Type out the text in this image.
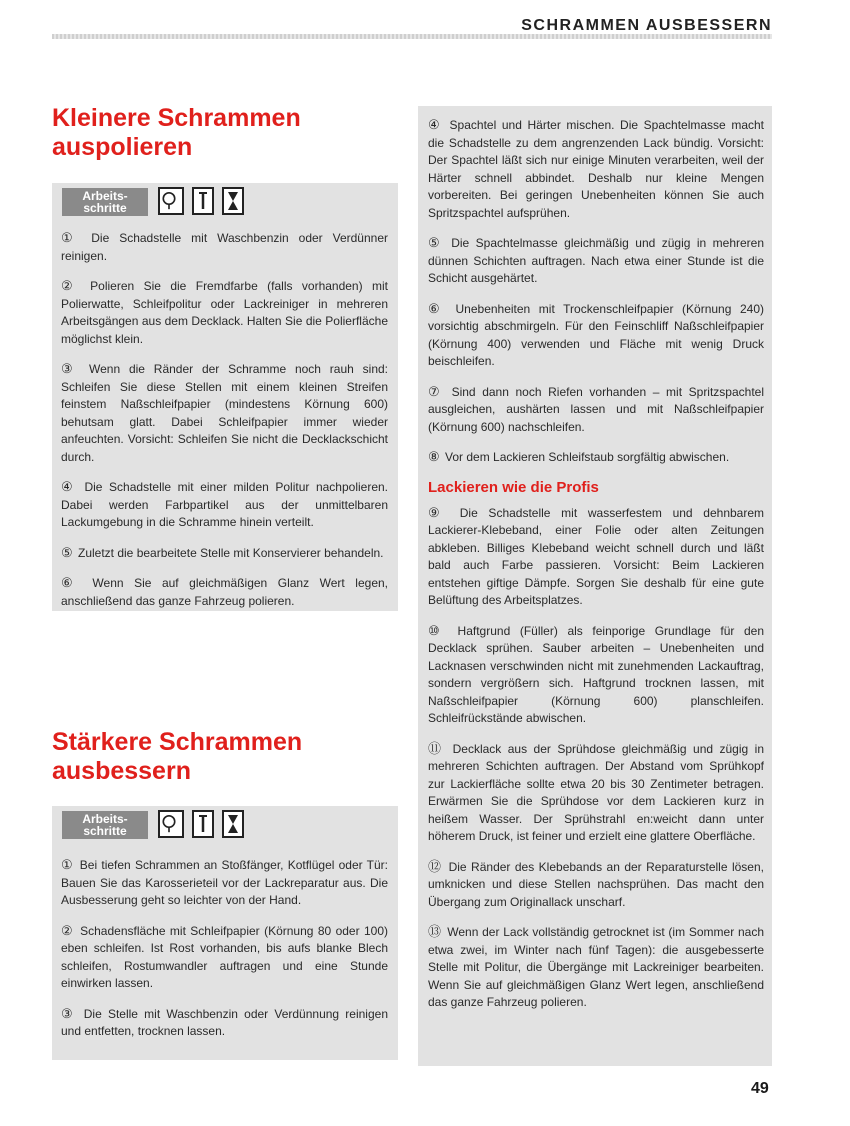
SCHRAMMEN AUSBESSERN
Kleinere Schrammen
auspolieren
Arbeits-
schritte

① Die Schadstelle mit Waschbenzin oder Verdünner reinigen.

② Polieren Sie die Fremdfarbe (falls vorhanden) mit Polierwatte, Schleifpolitur oder Lackreiniger in mehreren Arbeitsgängen aus dem Decklack. Halten Sie die Polierfläche möglichst klein.

③ Wenn die Ränder der Schramme noch rauh sind: Schleifen Sie diese Stellen mit einem kleinen Streifen feinstem Naßschleifpapier (mindestens Körnung 600) behutsam glatt. Dabei Schleifpapier immer wieder anfeuchten. Vorsicht: Schleifen Sie nicht die Decklackschicht durch.

④ Die Schadstelle mit einer milden Politur nachpolieren. Dabei werden Farbpartikel aus der unmittelbaren Lackumgebung in die Schramme hinein verteilt.

⑤ Zuletzt die bearbeitete Stelle mit Konservierer behandeln.

⑥ Wenn Sie auf gleichmäßigen Glanz Wert legen, anschließend das ganze Fahrzeug polieren.

Stärkere Schrammen
ausbessern
Arbeits-
schritte

① Bei tiefen Schrammen an Stoßfänger, Kotflügel oder Tür: Bauen Sie das Karosserieteil vor der Lackreparatur aus. Die Ausbesserung geht so leichter von der Hand.

② Schadensfläche mit Schleifpapier (Körnung 80 oder 100) eben schleifen. Ist Rost vorhanden, bis aufs blanke Blech schleifen, Rostumwandler auftragen und eine Stunde einwirken lassen.

③ Die Stelle mit Waschbenzin oder Verdünnung reinigen und entfetten, trocknen lassen.

④ Spachtel und Härter mischen. Die Spachtelmasse macht die Schadstelle zu dem angrenzenden Lack bündig. Vorsicht: Der Spachtel läßt sich nur einige Minuten verarbeiten, weil der Härter schnell abbindet. Deshalb nur kleine Mengen vorbereiten. Bei geringen Unebenheiten können Sie auch Spritzspachtel aufsprühen.

⑤ Die Spachtelmasse gleichmäßig und zügig in mehreren dünnen Schichten auftragen. Nach etwa einer Stunde ist die Schicht ausgehärtet.

⑥ Unebenheiten mit Trockenschleifpapier (Körnung 240) vorsichtig abschmirgeln. Für den Feinschliff Naßschleifpapier (Körnung 400) verwenden und Fläche mit wenig Druck beischleifen.

⑦ Sind dann noch Riefen vorhanden – mit Spritzspachtel ausgleichen, aushärten lassen und mit Naßschleifpapier (Körnung 600) nachschleifen.

⑧ Vor dem Lackieren Schleifstaub sorgfältig abwischen.

Lackieren wie die Profis

⑨ Die Schadstelle mit wasserfestem und dehnbarem Lackierer-Klebeband, einer Folie oder alten Zeitungen abkleben. Billiges Klebeband weicht schnell durch und läßt bald auch Farbe passieren. Vorsicht: Beim Lackieren entstehen giftige Dämpfe. Sorgen Sie deshalb für eine gute Belüftung des Arbeitsplatzes.

⑩ Haftgrund (Füller) als feinporige Grundlage für den Decklack sprühen. Sauber arbeiten – Unebenheiten und Lacknasen verschwinden nicht mit zunehmenden Lackauftrag, sondern vergrößern sich. Haftgrund trocknen lassen, mit Naßschleifpapier (Körnung 600) planschleifen. Schleifrückstände abwischen.

⑪ Decklack aus der Sprühdose gleichmäßig und zügig in mehreren Schichten auftragen. Der Abstand vom Sprühkopf zur Lackierfläche sollte etwa 20 bis 30 Zentimeter betragen. Erwärmen Sie die Sprühdose vor dem Lackieren kurz in heißem Wasser. Der Sprühstrahl en:weicht dann unter höherem Druck, ist feiner und erzielt eine glattere Oberfläche.

⑫ Die Ränder des Klebebands an der Reparaturstelle lösen, umknicken und diese Stellen nachsprühen. Das macht den Übergang zum Originallack unscharf.

⑬ Wenn der Lack vollständig getrocknet ist (im Sommer nach etwa zwei, im Winter nach fünf Tagen): die ausgebesserte Stelle mit Politur, die Übergänge mit Lackreiniger bearbeiten. Wenn Sie auf gleichmäßigen Glanz Wert legen, anschließend das ganze Fahrzeug polieren.

49
